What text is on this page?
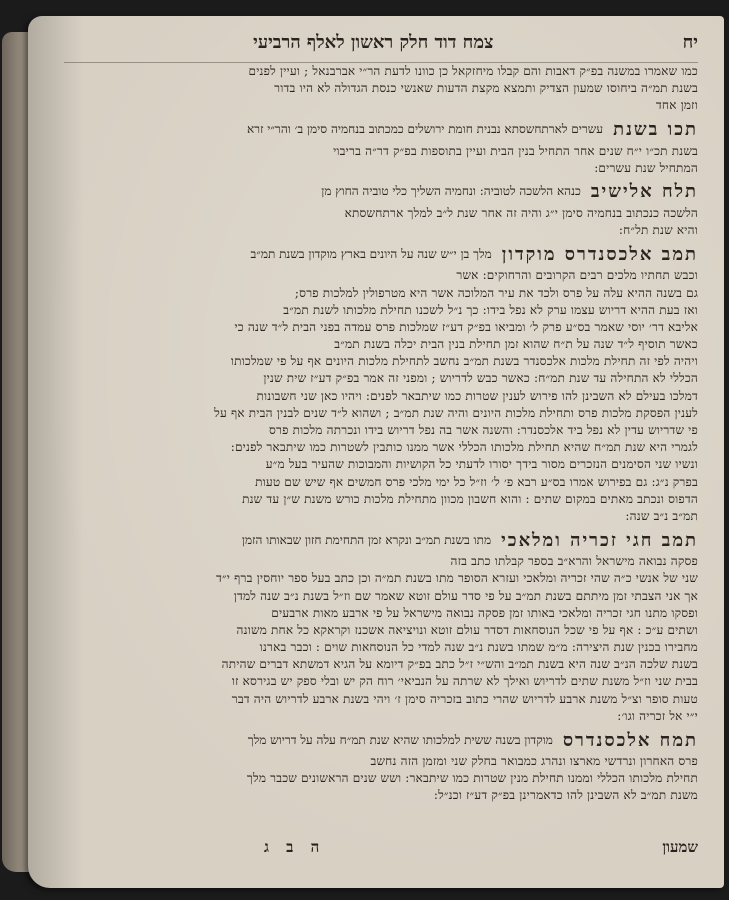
יח
צמח דוד חלק ראשון לאלף הרביעי
כמו שאמרו במשנה בפ״ק דאבות והם קבלו מיחזקאל כן כוונו לדעת הר״י אברבנאל ; ועיין לפנים
בשנת תמ״ה ביחוסו שמעון הצדיק ותמצא מקצת הדעות שאנשי כנסת הגדולה לא היו בדור
וזמן אחד
תכו בשנת
עשרים לארתחשסתא נבנית חומת ירושלים כמכתוב בנחמיה סימן ב׳ והר״י זרא
בשנת תכ״ו י״ח שנים אחר התחיל בנין הבית ועיין בתוספות בפ״ק דר״ה בריבוי
המתחיל שנת עשרים:
תלח אלישיב
כנהא הלשכה לטוביה: ונחמיה השליך כלי טוביה החוץ מן
הלשכה כנכתוב בנחמיה סימן י״ג והיה זה אחר שנת ל״ב למלך ארתחשסתא
והיא שנת תל״ח:
תמב אלכסנדרס מוקדון
מלך בן י״ש שנה על היונים בארץ מוקדון בשנת תמ״ב
וכבש תחתיו מלכים רבים הקרובים והרחוקים: אשר
גם בשנה ההיא עלה על פרס ולכד את עיר המלוכה אשר היא מטרפולין למלכות פרס;
ואז בעת ההיא דריוש עצמו ערק לא נפל בידו: כך נ״ל לשכנו תחילת מלכותו לשנת תמ״ב
אליבא דר׳ יוסי שאמר בס״ע פרק ל׳ ומביאו בפ״ק דע״ז שמלכות פרס עמדה בפני הבית ל״ד שנה כי
כאשר תוסיף ל״ד שנה על ת״ח שהוא זמן תחילת בנין הבית יכלה בשנת תמ״ב
ויהיה לפי זה תחילת מלכות אלכסנדר בשנת תמ״ב נחשב לתחילת מלכות היונים אף על פי שמלכותו
הכללי לא התחילה עד שנת תמ״ח: כאשר כבש לדריוש ; ומפני זה אמר בפ״ק דע״ז שית שנין
דמלכו בעילם לא השבינן להו פירוש לענין שטרות כמו שיתבאר לפנים: ויהיו כאן שני חשבונות
לענין הפסקת מלכות פרס ותחילת מלכות היונים והיה שנת תמ״ב ; ושהוא ל״ד שנים לבנין הבית אף על
פי שדריוש עדין לא נפל ביד אלכסנדר: והשנה אשר בה נפל דריוש בידו ונכרתה מלכות פרס
לגמרי היא שנת תמ״ח שהיא תחילת מלכותו הכללי אשר ממנו כותבין לשטרות כמו שיתבאר לפנים:
ונשיו שני הסימנים הנזכרים מסור בידך יסורו לדעתי כל הקושיות והמבוכות שהעיר בעל מ״ע
בפרק נ״ג: גם בפירוש אמרו בס״ע רבא פ׳ ל׳ וז״ל כל ימי מלכי פרס חמשים אף שיש שם טעות
הדפוס ונכתב מאתים במקום שתים : והוא חשבון מכוון מתחילת מלכות כורש משנת ש״ן עד שנת
תמ״ב נ״ב שנה:
תמב חגי זכריה ומלאכי
מתו בשנת תמ״ב ונקרא זמן התחימת חזון שבאותו הזמן
פסקה נבואה מישראל והרא״ב בספר קבלתו כתב בזה
שני של אנשי כ״ה שהי זכריה ומלאכי ועזרא הסופר מתו בשנת תמ״ה וכן כתב בעל ספר יוחסין ברף י״ד
אך אני הצבתי זמן מיתתם בשנת תמ״ב על פי סדר עולם זוטא שאמר שם וז״ל בשנת נ״ב שנה למדן
ופסקו מתנו חגי זכריה ומלאכי באותו זמן פסקה נבואה מישראל על פי ארבע מאות ארבעים
ושתים ע״כ : אף על פי שכל הנוסחאות דסדר עולם זוטא ונויציאה אשכנז וקראקא כל אחת משונה
מחבירו בכנין שנת היצירה: מ״מ שמתו בשנת נ״ב שנה למדי כל הנוסחאות שוים : וכבר בארנו
בשנת שלכה הנ״ב שנה היא בשנת תמ״ב והש״י ז״ל כתב בפ״ק דיומא על הגיא דמשתא דברים שהיתה
בבית שני וז״ל משנת שתים לדריוש ואילך לא שרתה על הנביאי׳ רוח הק יש ובלי ספק יש בגירסא זו
טעות סופר וצ״ל משנת ארבע לדריוש שהרי כתוב בזכריה סימן ז׳ ויהי בשנת ארבע לדריוש היה דבר
י״י אל זכריה וגו׳:
תמח אלכסנדרס
מוקדון בשנה ששית למלכותו שהיא שנת תמ״ח עלה על דריוש מלך
פרס האחרון ונרדשי מארצו ונהרג כמבואר בחלק שני ומזמן הזה נחשב
תחילת מלכותו הכללי וממנו תחילת מנין שטרות כמו שיתבאר: ושש שנים הראשונים שכבר מלך
משנת תמ״ב לא השבינן להו כדאמרינן בפ״ק דע״ז וכנ״ל:
שמעון
ה ב ג
